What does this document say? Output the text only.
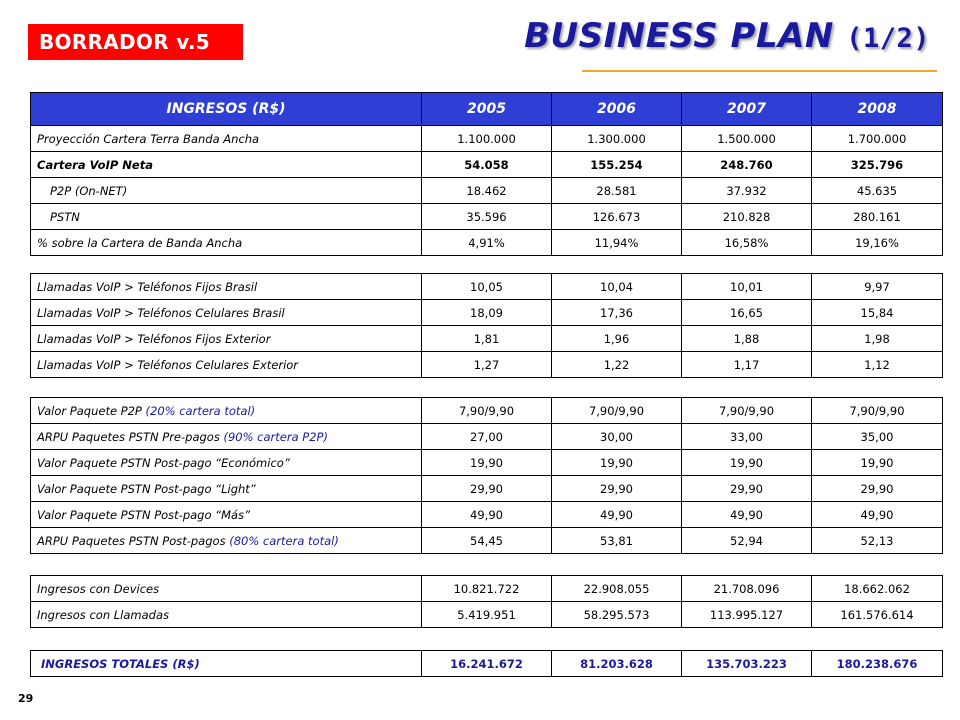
BORRADOR v.5	BUSINESS PLAN (1/2)
INGRESOS (R$)	2005	2006	2007	2008
Proyección Cartera Terra Banda Ancha	1.100.000	1.300.000	1.500.000	1.700.000
Cartera VoIP Neta	54.058	155.254	248.760	325.796
P2P (On-NET)	18.462	28.581	37.932	45.635
PSTN	35.596	126.673	210.828	280.161
% sobre la Cartera de Banda Ancha	4,91%	11,94%	16,58%	19,16%
Llamadas VoIP > Teléfonos Fijos Brasil	10,05	10,04	10,01	9,97
Llamadas VoIP > Teléfonos Celulares Brasil	18,09	17,36	16,65	15,84
Llamadas VoIP > Teléfonos Fijos Exterior	1,81	1,96	1,88	1,98
Llamadas VoIP > Teléfonos Celulares Exterior	1,27	1,22	1,17	1,12
Valor Paquete P2P (20% cartera total)	7,90/9,90	7,90/9,90	7,90/9,90	7,90/9,90
ARPU Paquetes PSTN Pre-pagos (90% cartera P2P)	27,00	30,00	33,00	35,00
Valor Paquete PSTN Post-pago “Económico”	19,90	19,90	19,90	19,90
Valor Paquete PSTN Post-pago “Light”	29,90	29,90	29,90	29,90
Valor Paquete PSTN Post-pago “Más”	49,90	49,90	49,90	49,90
ARPU Paquetes PSTN Post-pagos (80% cartera total)	54,45	53,81	52,94	52,13
Ingresos con Devices	10.821.722	22.908.055	21.708.096	18.662.062
Ingresos con Llamadas	5.419.951	58.295.573	113.995.127	161.576.614
INGRESOS TOTALES (R$)	16.241.672	81.203.628	135.703.223	180.238.676
29
